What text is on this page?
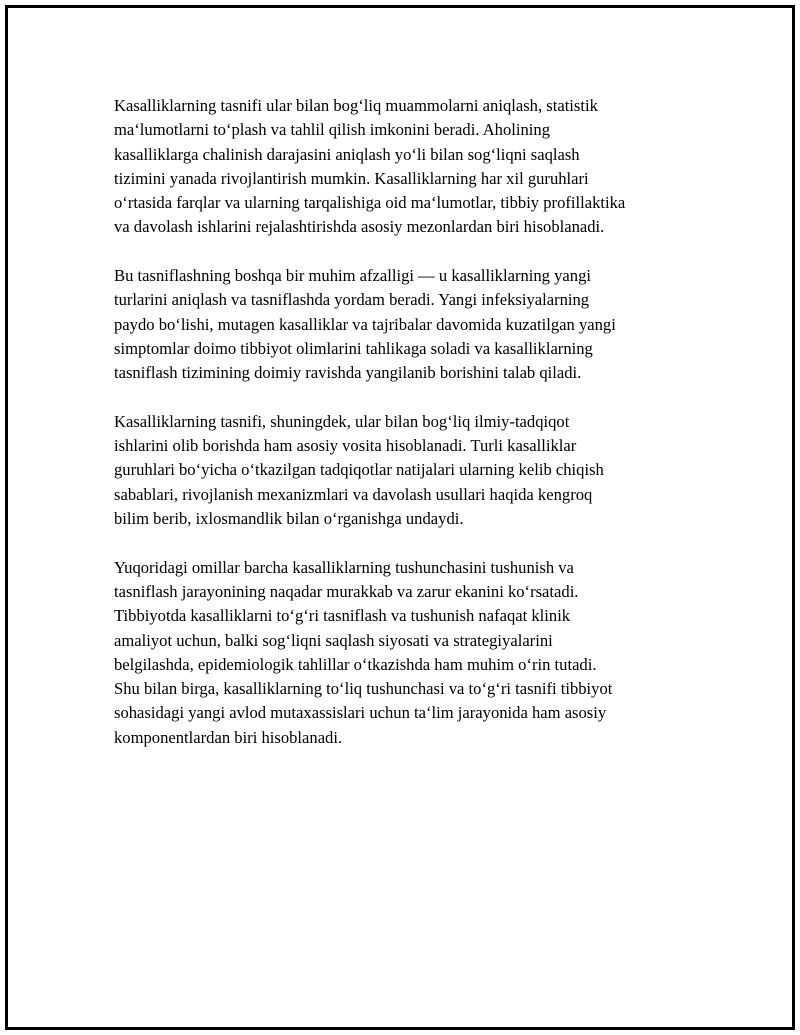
Kasalliklarning tasnifi ular bilan bog‘liq muammolarni aniqlash, statistik
ma‘lumotlarni to‘plash va tahlil qilish imkonini beradi. Aholining
kasalliklarga chalinish darajasini aniqlash yo‘li bilan sog‘liqni saqlash
tizimini yanada rivojlantirish mumkin. Kasalliklarning har xil guruhlari
o‘rtasida farqlar va ularning tarqalishiga oid ma‘lumotlar, tibbiy profillaktika
va davolash ishlarini rejalashtirishda asosiy mezonlardan biri hisoblanadi.

Bu tasniflashning boshqa bir muhim afzalligi — u kasalliklarning yangi
turlarini aniqlash va tasniflashda yordam beradi. Yangi infeksiyalarning
paydo bo‘lishi, mutagen kasalliklar va tajribalar davomida kuzatilgan yangi
simptomlar doimo tibbiyot olimlarini tahlikaga soladi va kasalliklarning
tasniflash tizimining doimiy ravishda yangilanib borishini talab qiladi.

Kasalliklarning tasnifi, shuningdek, ular bilan bog‘liq ilmiy-tadqiqot
ishlarini olib borishda ham asosiy vosita hisoblanadi. Turli kasalliklar
guruhlari bo‘yicha o‘tkazilgan tadqiqotlar natijalari ularning kelib chiqish
sabablari, rivojlanish mexanizmlari va davolash usullari haqida kengroq
bilim berib, ixlosmandlik bilan o‘rganishga undaydi.

Yuqoridagi omillar barcha kasalliklarning tushunchasini tushunish va
tasniflash jarayonining naqadar murakkab va zarur ekanini ko‘rsatadi.
Tibbiyotda kasalliklarni to‘g‘ri tasniflash va tushunish nafaqat klinik
amaliyot uchun, balki sog‘liqni saqlash siyosati va strategiyalarini
belgilashda, epidemiologik tahlillar o‘tkazishda ham muhim o‘rin tutadi.
Shu bilan birga, kasalliklarning to‘liq tushunchasi va to‘g‘ri tasnifi tibbiyot
sohasidagi yangi avlod mutaxassislari uchun ta‘lim jarayonida ham asosiy
komponentlardan biri hisoblanadi.
